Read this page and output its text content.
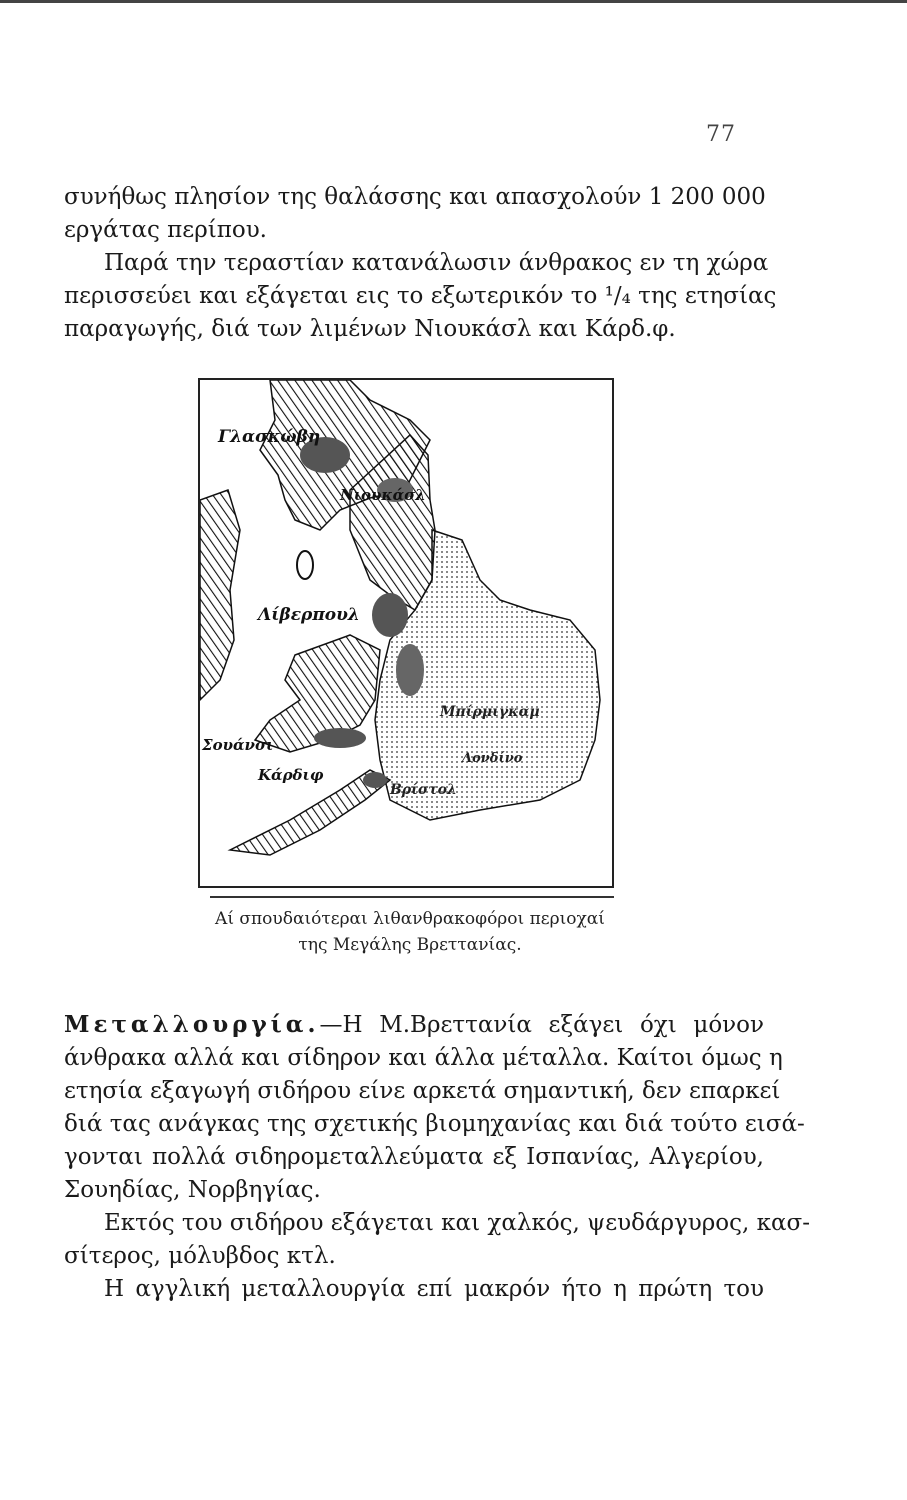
77
συνήθως πλησίον της θαλάσσης και απασχολούν 1 200 000
εργάτας περίπου.
Παρά την τεραστίαν κατανάλωσιν άνθρακος εν τη χώρα
περισσεύει και εξάγεται εις το εξωτερικόν το ¹/₄ της ετησίας
παραγωγής, διά των λιμένων Νιουκάσλ και Κάρδ.φ.
Γλασκώβη
Νιουκάσλ
Λίβερπουλ
Μπίρμιγκαμ
Λονδίνο
Σουάνσι
Κάρδιφ
Βρίστολ
Αί σπουδαιότεραι λιθανθρακοφόροι περιοχαί
της Μεγάλης Βρεττανίας.
Μεταλλουργία.—Η Μ.Βρεττανία εξάγει όχι μόνον
άνθρακα αλλά και σίδηρον και άλλα μέταλλα. Καίτοι όμως η
ετησία εξαγωγή σιδήρου είνε αρκετά σημαντική, δεν επαρκεί
διά τας ανάγκας της σχετικής βιομηχανίας και διά τούτο εισά-
γονται πολλά σιδηρομεταλλεύματα εξ Ισπανίας, Αλγερίου,
Σουηδίας, Νορβηγίας.
Εκτός του σιδήρου εξάγεται και χαλκός, ψευδάργυρος, κασ-
σίτερος, μόλυβδος κτλ.
Η αγγλική μεταλλουργία επί μακρόν ήτο η πρώτη του
